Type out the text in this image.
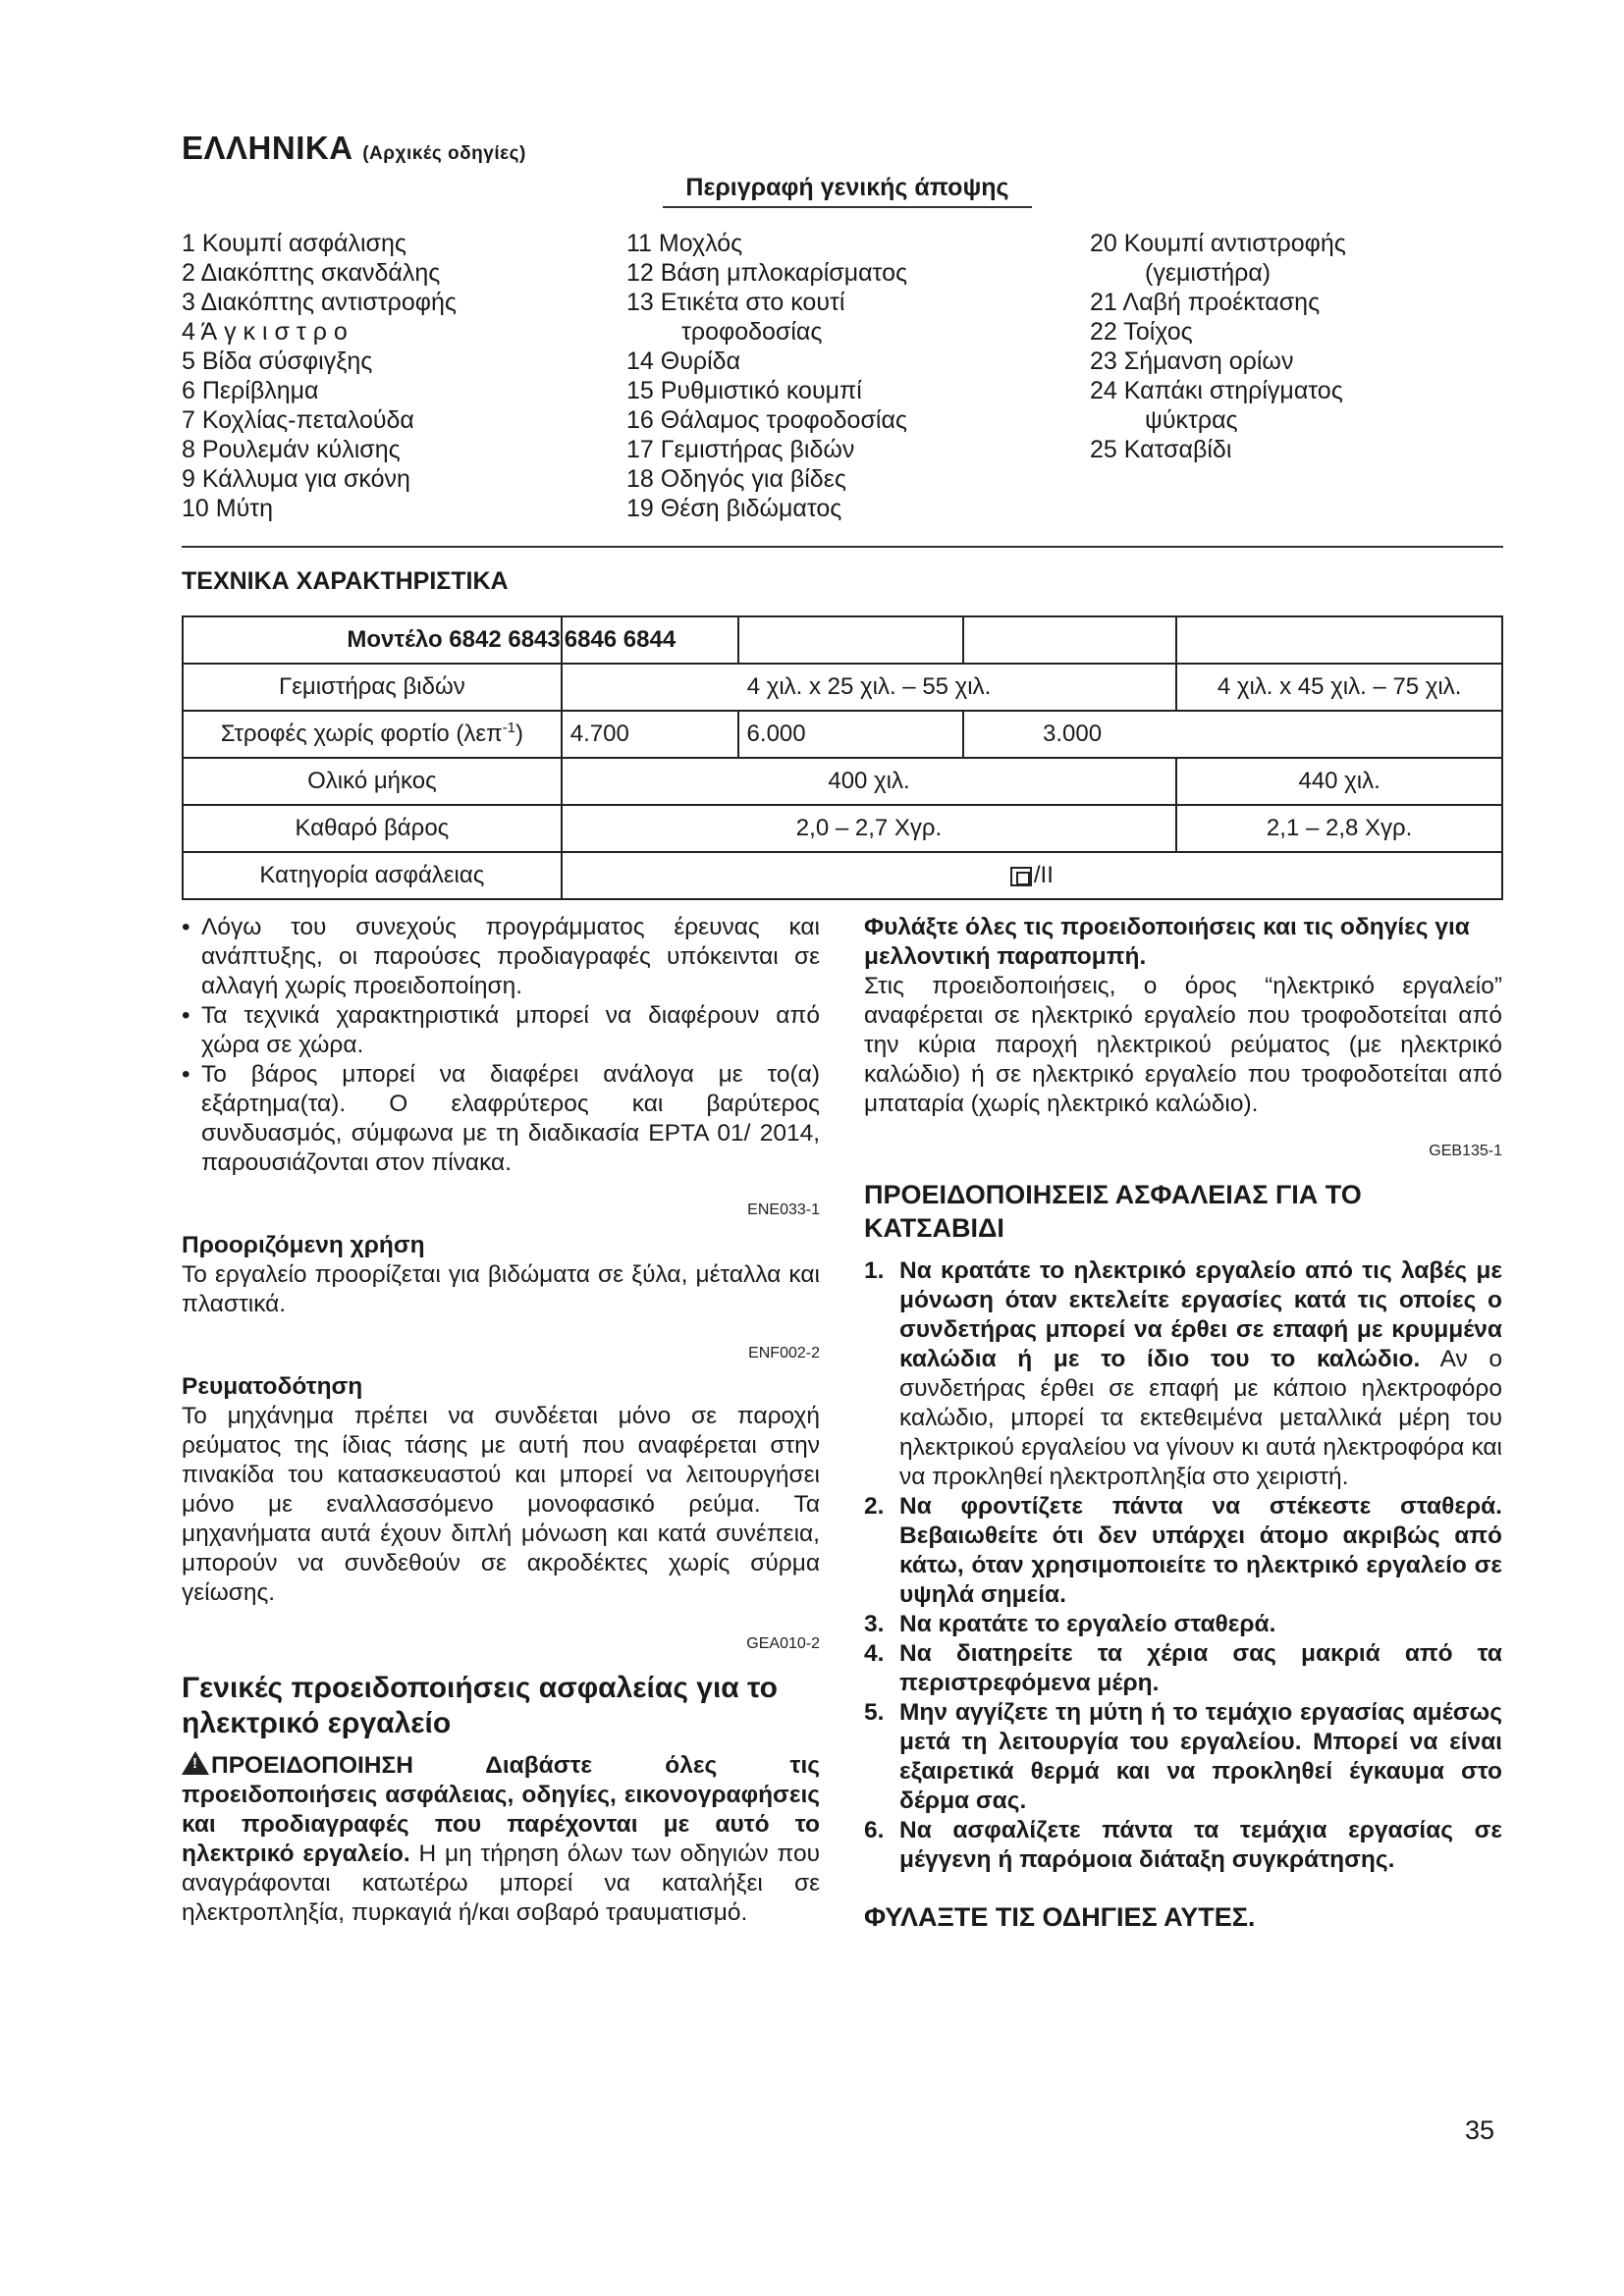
ΕΛΛΗΝΙΚΑ (Αρχικές οδηγίες)
Περιγραφή γενικής άποψης
1 Κουμπί ασφάλισης
2 Διακόπτης σκανδάλης
3 Διακόπτης αντιστροφής
4 Ά γ κ ι σ τ ρ ο
5 Βίδα σύσφιγξης
6 Περίβλημα
7 Κοχλίας-πεταλούδα
8 Ρουλεμάν κύλισης
9 Κάλλυμα για σκόνη
10 Μύτη
11 Μοχλός
12 Βάση μπλοκαρίσματος
13 Ετικέτα στο κουτί
τροφοδοσίας
14 Θυρίδα
15 Ρυθμιστικό κουμπί
16 Θάλαμος τροφοδοσίας
17 Γεμιστήρας βιδών
18 Οδηγός για βίδες
19 Θέση βιδώματος
20 Κουμπί αντιστροφής
(γεμιστήρα)
21 Λαβή προέκτασης
22 Τοίχος
23 Σήμανση ορίων
24 Καπάκι στηρίγματος
ψύκτρας
25 Κατσαβίδι
ΤΕΧΝΙΚΑ ΧΑΡΑΚΤΗΡΙΣΤΙΚΑ
Μοντέλο 6842 6843	6846 6844			
Γεμιστήρας βιδών	4 χιλ. x 25 χιλ. – 55 χιλ.			4 χιλ. x 45 χιλ. – 75 χιλ.
Στροφές χωρίς φορτίο (λεπ$^{-1}$)	4.700	6.000	3.000	
Ολικό μήκος	400 χιλ.			440 χιλ.
Καθαρό βάρος	2,0 – 2,7 Χγρ.			2,1 – 2,8 Χγρ.
Κατηγορία ασφάλειας	/II			
• Λόγω του συνεχούς προγράμματος έρευνας και ανάπτυξης, οι παρούσες προδιαγραφές υπόκεινται σε αλλαγή χωρίς προειδοποίηση.
• Τα τεχνικά χαρακτηριστικά μπορεί να διαφέρουν από χώρα σε χώρα.
• Το βάρος μπορεί να διαφέρει ανάλογα με το(α) εξάρτημα(τα). Ο ελαφρύτερος και βαρύτερος συνδυασμός, σύμφωνα με τη διαδικασία EPTA 01/ 2014, παρουσιάζονται στον πίνακα.
ENE033-1
Προοριζόμενη χρήση
Το εργαλείο προορίζεται για βιδώματα σε ξύλα, μέταλλα και πλαστικά.
ENF002-2
Ρευματοδότηση
Το μηχάνημα πρέπει να συνδέεται μόνο σε παροχή ρεύματος της ίδιας τάσης με αυτή που αναφέρεται στην πινακίδα του κατασκευαστού και μπορεί να λειτουργήσει μόνο με εναλλασσόμενο μονοφασικό ρεύμα. Τα μηχανήματα αυτά έχουν διπλή μόνωση και κατά συνέπεια, μπορούν να συνδεθούν σε ακροδέκτες χωρίς σύρμα γείωσης.
GEA010-2
Γενικές προειδοποιήσεις ασφαλείας για το ηλεκτρικό εργαλείο
!ΠΡΟΕΙΔΟΠΟΙΗΣΗ Διαβάστε όλες τις προειδοποιήσεις ασφάλειας, οδηγίες, εικονογραφήσεις και προδιαγραφές που παρέχονται με αυτό το ηλεκτρικό εργαλείο. Η μη τήρηση όλων των οδηγιών που αναγράφονται κατωτέρω μπορεί να καταλήξει σε ηλεκτροπληξία, πυρκαγιά ή/και σοβαρό τραυματισμό.
Φυλάξτε όλες τις προειδοποιήσεις και τις οδηγίες για μελλοντική παραπομπή.
Στις προειδοποιήσεις, ο όρος “ηλεκτρικό εργαλείο” αναφέρεται σε ηλεκτρικό εργαλείο που τροφοδοτείται από την κύρια παροχή ηλεκτρικού ρεύματος (με ηλεκτρικό καλώδιο) ή σε ηλεκτρικό εργαλείο που τροφοδοτείται από μπαταρία (χωρίς ηλεκτρικό καλώδιο).
GEB135-1
ΠΡΟΕΙΔΟΠΟΙΗΣΕΙΣ ΑΣΦΑΛΕΙΑΣ ΓΙΑ ΤΟ ΚΑΤΣΑΒΙΔΙ
1. Να κρατάτε το ηλεκτρικό εργαλείο από τις λαβές με μόνωση όταν εκτελείτε εργασίες κατά τις οποίες ο συνδετήρας μπορεί να έρθει σε επαφή με κρυμμένα καλώδια ή με το ίδιο του το καλώδιο. Αν ο συνδετήρας έρθει σε επαφή με κάποιο ηλεκτροφόρο καλώδιο, μπορεί τα εκτεθειμένα μεταλλικά μέρη του ηλεκτρικού εργαλείου να γίνουν κι αυτά ηλεκτροφόρα και να προκληθεί ηλεκτροπληξία στο χειριστή.
2. Να φροντίζετε πάντα να στέκεστε σταθερά. Βεβαιωθείτε ότι δεν υπάρχει άτομο ακριβώς από κάτω, όταν χρησιμοποιείτε το ηλεκτρικό εργαλείο σε υψηλά σημεία.
3. Να κρατάτε το εργαλείο σταθερά.
4. Να διατηρείτε τα χέρια σας μακριά από τα περιστρεφόμενα μέρη.
5. Μην αγγίζετε τη μύτη ή το τεμάχιο εργασίας αμέσως μετά τη λειτουργία του εργαλείου. Μπορεί να είναι εξαιρετικά θερμά και να προκληθεί έγκαυμα στο δέρμα σας.
6. Να ασφαλίζετε πάντα τα τεμάχια εργασίας σε μέγγενη ή παρόμοια διάταξη συγκράτησης.
ΦΥΛΑΞΤΕ ΤΙΣ ΟΔΗΓΙΕΣ ΑΥΤΕΣ.
35
